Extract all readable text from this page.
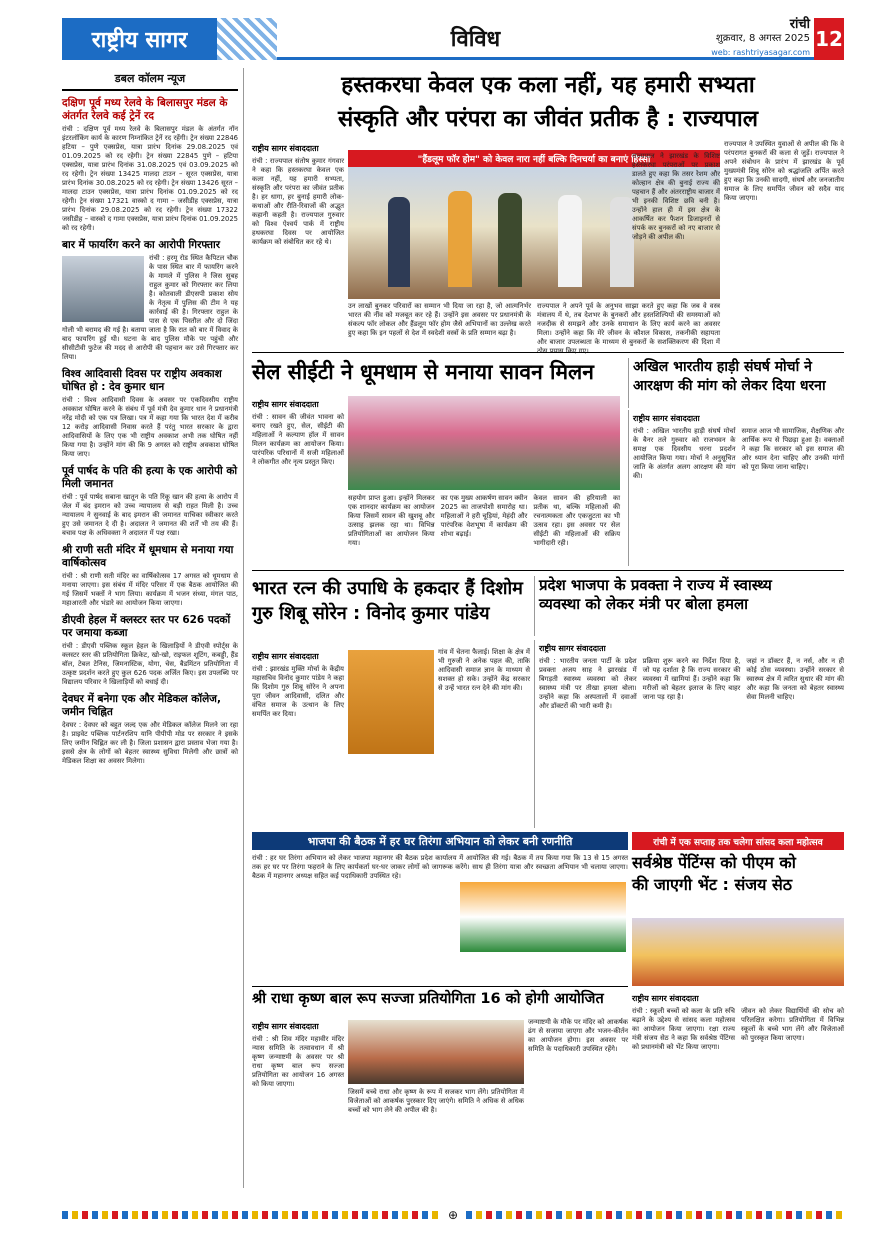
राष्ट्रीय सागर	विविध
रांची
शुक्रवार, 8 अगस्त 2025
web: rashtriyasagar.com
12
डबल कॉलम न्यूज
दक्षिण पूर्व मध्य रेलवे के बिलासपुर मंडल के अंतर्गत रेलवे कई ट्रेनें रद
रांची : दक्षिण पूर्व मध्य रेलवे के बिलासपुर मंडल के अंतर्गत नॉन इंटरलॉकिंग कार्य के कारण निम्नांकित ट्रेनें रद रहेंगी। ट्रेन संख्या 22846 हटिया – पुणे एक्सप्रेस, यात्रा प्रारंभ दिनांक 29.08.2025 एवं 01.09.2025 को रद रहेगी। ट्रेन संख्या 22845 पुणे – हटिया एक्सप्रेस, यात्रा प्रारंभ दिनांक 31.08.2025 एवं 03.09.2025 को रद रहेगी। ट्रेन संख्या 13425 मालदा टाउन – सूरत एक्सप्रेस, यात्रा प्रारंभ दिनांक 30.08.2025 को रद रहेगी। ट्रेन संख्या 13426 सूरत – मालदा टाउन एक्सप्रेस, यात्रा प्रारंभ दिनांक 01.09.2025 को रद रहेगी। ट्रेन संख्या 17321 वास्को द गामा – जसीडीह एक्सप्रेस, यात्रा प्रारंभ दिनांक 29.08.2025 को रद रहेगी। ट्रेन संख्या 17322 जसीडीह – वास्को द गामा एक्सप्रेस, यात्रा प्रारंभ दिनांक 01.09.2025 को रद रहेगी।
बार में फायरिंग करने का आरोपी गिरफ्तार
रांची : हरमू रोड स्थित कैपिटल चौक के पास स्थित बार में फायरिंग करने के मामले में पुलिस ने जिस सुबह राहुल कुमार को गिरफ्तार कर लिया है। कोतवाली डीएसपी प्रकाश सोय के नेतृत्व में पुलिस की टीम ने यह कार्रवाई की है। गिरफ्तार राहुल के पास से एक पिस्तौल और दो जिंदा गोली भी बरामद की गई है। बताया जाता है कि रात को बार में विवाद के बाद फायरिंग हुई थी। घटना के बाद पुलिस मौके पर पहुंची और सीसीटीवी फुटेज की मदद से आरोपी की पहचान कर उसे गिरफ्तार कर लिया।
विश्व आदिवासी दिवस पर राष्ट्रीय अवकाश घोषित हो : देव कुमार धान
रांची : विश्व आदिवासी दिवस के अवसर पर एकदिवसीय राष्ट्रीय अवकाश घोषित करने के संबंध में पूर्व मंत्री देव कुमार धान ने प्रधानमंत्री नरेंद्र मोदी को एक पत्र लिखा। पत्र में कहा गया कि भारत देश में करीब 12 करोड़ आदिवासी निवास करते हैं परंतु भारत सरकार के द्वारा आदिवासियों के लिए एक भी राष्ट्रीय अवकाश अभी तक घोषित नहीं किया गया है। उन्होंने मांग की कि 9 अगस्त को राष्ट्रीय अवकाश घोषित किया जाए।
पूर्व पार्षद के पति की हत्या के एक आरोपी को मिली जमानत
रांची : पूर्व पार्षद सबाना खातून के पति रिंकू खान की हत्या के आरोप में जेल में बंद इमरान को उच्च न्यायालय से बड़ी राहत मिली है। उच्च न्यायालय ने सुनवाई के बाद इमरान की जमानत याचिका स्वीकार करते हुए उसे जमानत दे दी है। अदालत ने जमानत की शर्तें भी तय की हैं। बचाव पक्ष के अधिवक्ता ने अदालत में पक्ष रखा।
श्री राणी सती मंदिर में धूमधाम से मनाया गया वार्षिकोत्सव
रांची : श्री राणी सती मंदिर का वार्षिकोत्सव 17 अगस्त को धूमधाम से मनाया जाएगा। इस संबंध में मंदिर परिसर में एक बैठक आयोजित की गई जिसमें भक्तों ने भाग लिया। कार्यक्रम में भजन संध्या, मंगल पाठ, महाआरती और भंडारे का आयोजन किया जाएगा।
डीएवी हेहल में क्लस्टर स्तर पर 626 पदकों पर जमाया कब्जा
रांची : डीएवी पब्लिक स्कूल हेहल के खिलाड़ियों ने डीएवी स्पोर्ट्स के क्लस्टर स्तर की प्रतियोगिता क्रिकेट, खो-खो, राइफल शूटिंग, कबड्डी, हैंड बॉल, टेबल टेनिस, जिमनास्टिक, योगा, चेस, बैडमिंटन प्रतियोगिता में उत्कृष्ट प्रदर्शन करते हुए कुल 626 पदक अर्जित किए। इस उपलब्धि पर विद्यालय परिवार ने खिलाड़ियों को बधाई दी।
देवघर में बनेगा एक और मेडिकल कॉलेज, जमीन चिह्नित
देवघर : देवघर को बहुत जल्द एक और मेडिकल कॉलेज मिलने जा रहा है। प्राइवेट पब्लिक पार्टनरशिप यानि पीपीपी मोड पर सरकार ने इसके लिए जमीन चिह्नित कर ली है। जिला प्रशासन द्वारा प्रस्ताव भेजा गया है। इससे क्षेत्र के लोगों को बेहतर स्वास्थ्य सुविधा मिलेगी और छात्रों को मेडिकल शिक्षा का अवसर मिलेगा।
हस्तकरघा केवल एक कला नहीं, यह हमारी सभ्यता
संस्कृति और परंपरा का जीवंत प्रतीक है : राज्यपाल
राष्ट्रीय सागर संवाददाता
रांची : राज्यपाल संतोष कुमार गंगवार ने कहा कि हस्तकरघा केवल एक कला नहीं, यह हमारी सभ्यता, संस्कृति और परंपरा का जीवंत प्रतीक है। हर धागा, हर बुनाई हमारी लोक-कथाओं और रीति-रिवाजों की अद्भुत कहानी कहती है। राज्यपाल गुरुवार को विश्व ऐश्वर्य पार्क में राष्ट्रीय हथकरघा दिवस पर आयोजित कार्यक्रम को संबोधित कर रहे थे।
"हैंडलूम फॉर होम" को केवल नारा नहीं बल्कि दिनचर्या का बनाएं हिस्सा
उन लाखों बुनकर परिवारों का सम्मान भी दिया जा रहा है, जो आत्मनिर्भर भारत की नींव को मजबूत कर रहे हैं। उन्होंने इस अवसर पर प्रधानमंत्री के संकल्प फॉर लोकल और हैंडलूम फॉर होम जैसे अभियानों का उल्लेख करते हुए कहा कि इन पहलों से देश में स्वदेशी वस्त्रों के प्रति सम्मान बढ़ा है।
राज्यपाल ने अपने पूर्व के अनुभव साझा करते हुए कहा कि जब वे वस्त्र मंत्रालय में थे, तब देशभर के बुनकरों और हस्तशिल्पियों की समस्याओं को नजदीक से समझने और उनके समाधान के लिए कार्य करने का अवसर मिला। उन्होंने कहा कि मेरे जीवन के कौशल विकास, तकनीकी सहायता और बाजार उपलब्धता के माध्यम से बुनकरों के सशक्तिकरण की दिशा में ठोस प्रयास किए गए।
राज्यपाल ने झारखंड के विशिष्ट हस्तकरघा परंपराओं पर प्रकाश डालते हुए कहा कि तसर रेशम और कोल्हान क्षेत्र की बुनाई राज्य की पहचान हैं और अंतरराष्ट्रीय बाजार में भी इनकी विशिष्ट छवि बनी है। उन्होंने हाल ही में इस क्षेत्र के आकर्षित कर फैशन डिजाइनरों से संपर्क कर बुनकरों को नए बाजार से जोड़ने की अपील की।
राज्यपाल ने उपस्थित युवाओं से अपील की कि वे परंपरागत बुनकरों की कला से जुड़ें। राज्यपाल ने अपने संबोधन के प्रारंभ में झारखंड के पूर्व मुख्यमंत्री शिबू सोरेन को श्रद्धांजलि अर्पित करते हुए कहा कि उनकी सादगी, संघर्ष और जनजातीय समाज के लिए समर्पित जीवन को सदैव याद किया जाएगा।
सेल सीईटी ने धूमधाम से मनाया सावन मिलन
राष्ट्रीय सागर संवाददाता
रांची : सावन की जीवंत भावना को बनाए रखते हुए, सेल, सीईटी की महिलाओं ने कल्याण हॉल में सावन मिलन कार्यक्रम का आयोजन किया। पारंपरिक परिधानों में सजी महिलाओं ने लोकगीत और नृत्य प्रस्तुत किए।
सहयोग प्राप्त हुआ। इन्होंने मिलकर एक शानदार कार्यक्रम का आयोजन किया जिसमें सावन की खुशबू और उत्साह झलक रहा था। विभिन्न प्रतियोगिताओं का आयोजन किया गया।
का एक मुख्य आकर्षण सावन क्वीन 2025 का ताजपोशी समारोह था। महिलाओं ने हरी चूड़ियां, मेहंदी और पारंपरिक वेशभूषा में कार्यक्रम की शोभा बढ़ाई।
केवल सावन की हरियाली का प्रतीक था, बल्कि महिलाओं की रचनात्मकता और एकजुटता का भी उत्सव रहा। इस अवसर पर सेल सीईटी की महिलाओं की सक्रिय भागीदारी रही।
अखिल भारतीय हाड़ी संघर्ष मोर्चा ने आरक्षण की मांग को लेकर दिया धरना
राष्ट्रीय सागर संवाददाता
रांची : अखिल भारतीय हाड़ी संघर्ष मोर्चा के बैनर तले गुरुवार को राजभवन के समक्ष एक दिवसीय धरना प्रदर्शन आयोजित किया गया। मोर्चा ने अनुसूचित जाति के अंतर्गत अलग आरक्षण की मांग की।
समाज आज भी सामाजिक, शैक्षणिक और आर्थिक रूप से पिछड़ा हुआ है। वक्ताओं ने कहा कि सरकार को इस समाज की ओर ध्यान देना चाहिए और उनकी मांगों को पूरा किया जाना चाहिए।
भारत रत्न की उपाधि के हकदार हैं दिशोम
गुरु शिबू सोरेन : विनोद कुमार पांडेय
राष्ट्रीय सागर संवाददाता
रांची : झारखंड मुक्ति मोर्चा के केंद्रीय महासचिव विनोद कुमार पांडेय ने कहा कि दिशोम गुरु शिबू सोरेन ने अपना पूरा जीवन आदिवासी, दलित और वंचित समाज के उत्थान के लिए समर्पित कर दिया।
गांव में चेतना फैलाई। शिक्षा के क्षेत्र में भी गुरुजी ने अनेक पहल की, ताकि आदिवासी समाज ज्ञान के माध्यम से सशक्त हो सके। उन्होंने केंद्र सरकार से उन्हें भारत रत्न देने की मांग की।
प्रदेश भाजपा के प्रवक्ता ने राज्य में स्वास्थ्य
व्यवस्था को लेकर मंत्री पर बोला हमला
राष्ट्रीय सागर संवाददाता
रांची : भारतीय जनता पार्टी के प्रदेश प्रवक्ता अजय साह ने झारखंड में बिगड़ती स्वास्थ्य व्यवस्था को लेकर स्वास्थ्य मंत्री पर तीखा हमला बोला। उन्होंने कहा कि अस्पतालों में दवाओं और डॉक्टरों की भारी कमी है।
प्रक्रिया शुरू करने का निर्देश दिया है, जो यह दर्शाता है कि राज्य सरकार की व्यवस्था में खामियां हैं। उन्होंने कहा कि मरीजों को बेहतर इलाज के लिए बाहर जाना पड़ रहा है।
जहां न डॉक्टर हैं, न नर्स, और न ही कोई ठोस व्यवस्था। उन्होंने सरकार से स्वास्थ्य क्षेत्र में त्वरित सुधार की मांग की और कहा कि जनता को बेहतर स्वास्थ्य सेवा मिलनी चाहिए।
भाजपा की बैठक में हर घर तिरंगा अभियान को लेकर बनी रणनीति
रांची : हर घर तिरंगा अभियान को लेकर भाजपा महानगर की बैठक प्रदेश कार्यालय में आयोजित की गई। बैठक में तय किया गया कि 13 से 15 अगस्त तक हर घर पर तिरंगा फहराने के लिए कार्यकर्ता घर-घर जाकर लोगों को जागरूक करेंगे। साथ ही तिरंगा यात्रा और स्वच्छता अभियान भी चलाया जाएगा। बैठक में महानगर अध्यक्ष सहित कई पदाधिकारी उपस्थित रहे।
रांची में एक सप्ताह तक चलेगा सांसद कला महोत्सव
सर्वश्रेष्ठ पेंटिंग्स को पीएम को
की जाएगी भेंट : संजय सेठ
राष्ट्रीय सागर संवाददाता
रांची : स्कूली बच्चों को कला के प्रति रुचि बढ़ाने के उद्देश्य से सांसद कला महोत्सव का आयोजन किया जाएगा। रक्षा राज्य मंत्री संजय सेठ ने कहा कि सर्वश्रेष्ठ पेंटिंग्स को प्रधानमंत्री को भेंट किया जाएगा।
जीवन को लेकर विद्यार्थियों की सोच को परिलक्षित करेगा। प्रतियोगिता में विभिन्न स्कूलों के बच्चे भाग लेंगे और विजेताओं को पुरस्कृत किया जाएगा।
श्री राधा कृष्ण बाल रूप सज्जा प्रतियोगिता 16 को होगी आयोजित
राष्ट्रीय सागर संवाददाता
रांची : श्री शिव मंदिर महावीर मंदिर न्यास समिति के तत्वावधान में श्री कृष्ण जन्माष्टमी के अवसर पर श्री राधा कृष्ण बाल रूप सज्जा प्रतियोगिता का आयोजन 16 अगस्त को किया जाएगा।
जिसमें बच्चे राधा और कृष्ण के रूप में सजकर भाग लेंगे। प्रतियोगिता में विजेताओं को आकर्षक पुरस्कार दिए जाएंगे। समिति ने अधिक से अधिक बच्चों को भाग लेने की अपील की है।
जन्माष्टमी के मौके पर मंदिर को आकर्षक ढंग से सजाया जाएगा और भजन-कीर्तन का आयोजन होगा। इस अवसर पर समिति के पदाधिकारी उपस्थित रहेंगे।
⊕
